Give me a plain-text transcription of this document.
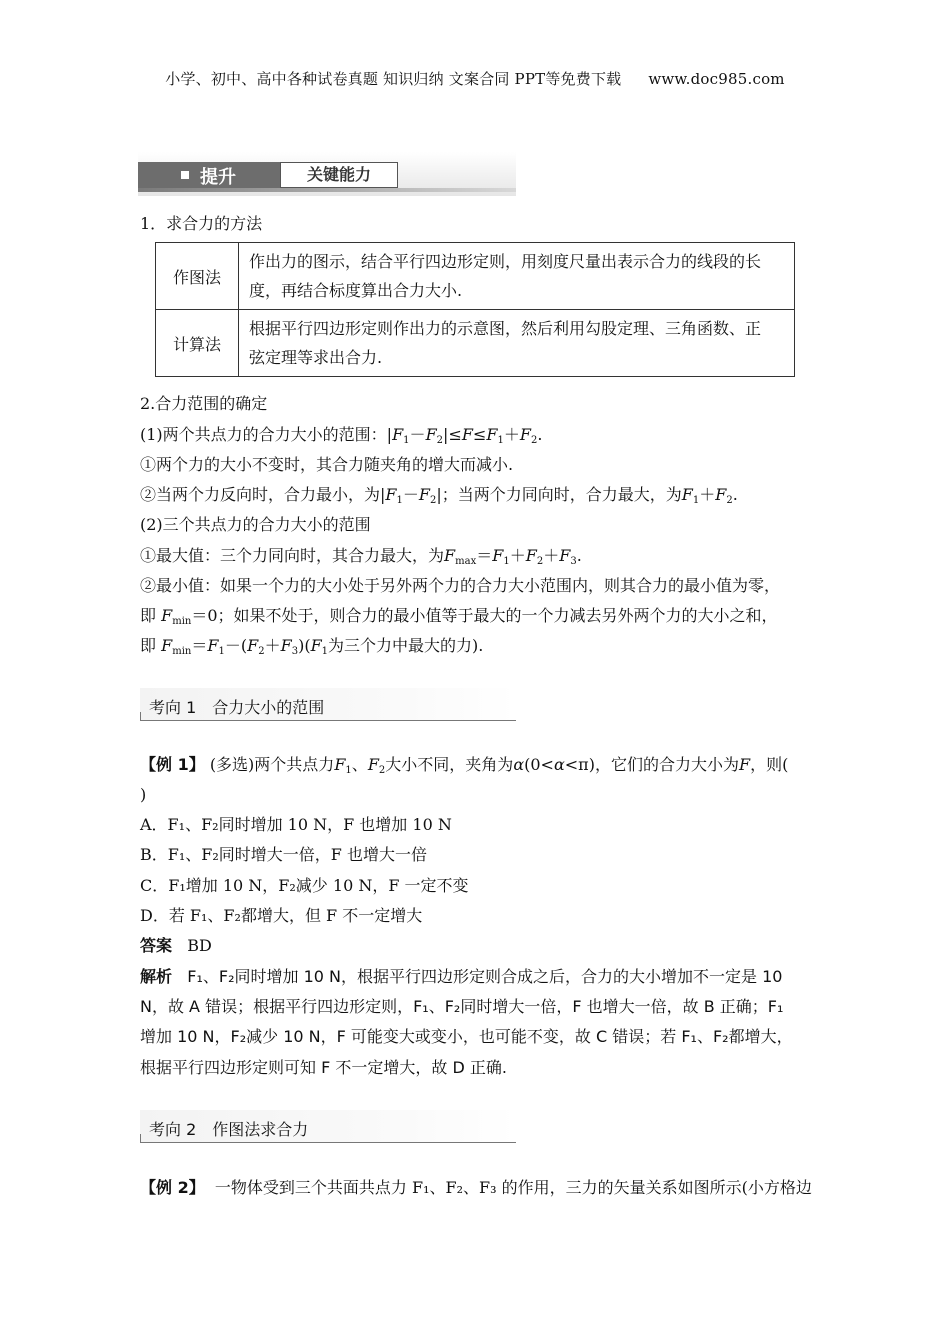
小学、初中、高中各种试卷真题 知识归纳 文案合同 PPT等免费下载 www.doc985.com
提升	关键能力
1．求合力的方法
作图法	作出力的图示，结合平行四边形定则，用刻度尺量出表示合力的线段的长
度，再结合标度算出合力大小.

计算法	根据平行四边形定则作出力的示意图，然后利用勾股定理、三角函数、正
弦定理等求出合力.
2.合力范围的确定
(1)两个共点力的合力大小的范围：$|F_1-F_2|\le F\le F_1+F_2$.
①两个力的大小不变时，其合力随夹角的增大而减小.
②当两个力反向时，合力最小，为$|F_1-F_2|$；当两个力同向时，合力最大，为$F_1+F_2$.
(2)三个共点力的合力大小的范围
①最大值：三个力同向时，其合力最大，为$F_{max}=F_1+F_2+F_3$.
②最小值：如果一个力的大小处于另外两个力的合力大小范围内，则其合力的最小值为零，
即 $F_{min}=0$；如果不处于，则合力的最小值等于最大的一个力减去另外两个力的大小之和，
即 $F_{min}=F_1-(F_2+F_3)(F_1$为三个力中最大的力).
考向 1 合力大小的范围
【例 1】 (多选)两个共点力$F_1$、$F_2$大小不同，夹角为α(0<α<π)，它们的合力大小为F，则(
)
A．F₁、F₂同时增加 10 N，F 也增加 10 N
B．F₁、F₂同时增大一倍，F 也增大一倍
C．F₁增加 10 N，F₂减少 10 N，F 一定不变
D．若 F₁、F₂都增大，但 F 不一定增大
答案 BD
解析 F₁、F₂同时增加 10 N，根据平行四边形定则合成之后，合力的大小增加不一定是 10
N，故 A 错误；根据平行四边形定则，F₁、F₂同时增大一倍，F 也增大一倍，故 B 正确；F₁
增加 10 N，F₂减少 10 N，F 可能变大或变小，也可能不变，故 C 错误；若 F₁、F₂都增大，
根据平行四边形定则可知 F 不一定增大，故 D 正确.
考向 2 作图法求合力
【例 2】 一物体受到三个共面共点力 F₁、F₂、F₃ 的作用，三力的矢量关系如图所示(小方格边
